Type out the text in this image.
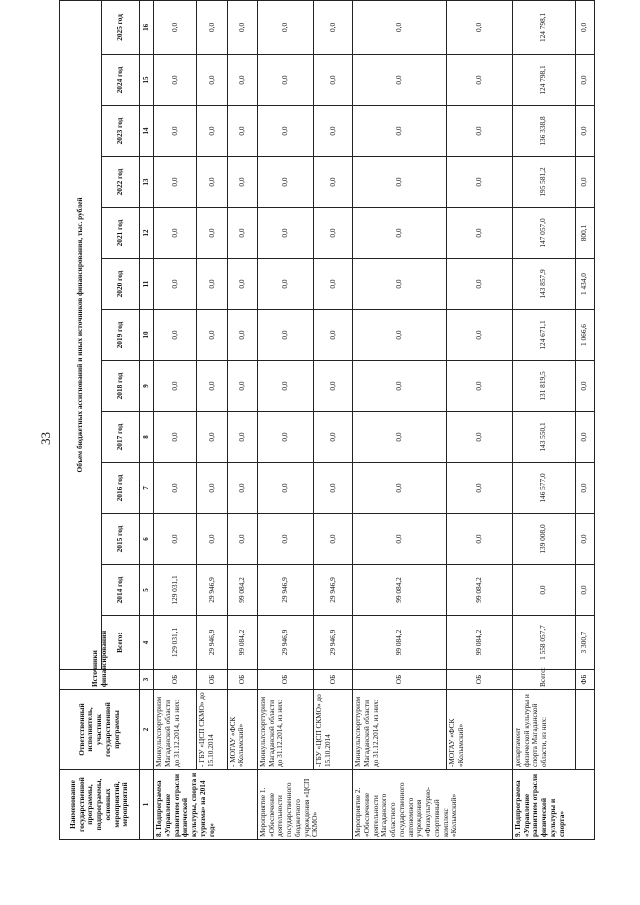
33
Наименование государственной программы, подпрограммы, основных мероприятий, мероприятий	Ответственный исполнитель, участник государственной программы	Источники финансирования	Объем бюджетных ассигнований и иных источников финансирования, тыс. рублей												
			Всего:	2014 год	2015 год	2016 год	2017 год	2018 год	2019 год	2020 год	2021 год	2022 год	2023 год	2024 год	2025 год
1	2	3	4	5	6	7	8	9	10	11	12	13	14	15	16
8. Подпрограмма «Управление развитием отрасли физической культуры, спорта и туризма» на 2014 год»	Минкультспорттуризм Магаданской области до 31.12.2014, из них:	ОБ	129 031,1	129 031,1	0,0	0,0	0,0	0,0	0,0	0,0	0,0	0,0	0,0	0,0	0,0
	- ГБУ «ЦСП СКМО» до 15.10.2014	ОБ	29 946,9	29 946,9	0,0	0,0	0,0	0,0	0,0	0,0	0,0	0,0	0,0	0,0	0,0
	- МОГАУ «ФСК «Колымский»	ОБ	99 084,2	99 084,2	0,0	0,0	0,0	0,0	0,0	0,0	0,0	0,0	0,0	0,0	0,0
Мероприятие 1. «Обеспечение деятельности государственного бюджетного учреждения «ЦСП СКМО»	Минкультспорттуризм Магаданской области до 31.12.2014, из них:	ОБ	29 946,9	29 946,9	0,0	0,0	0,0	0,0	0,0	0,0	0,0	0,0	0,0	0,0	0,0
	-ГБУ «ЦСП СКМО» до 15.10.2014	ОБ	29 946,9	29 946,9	0,0	0,0	0,0	0,0	0,0	0,0	0,0	0,0	0,0	0,0	0,0
Мероприятие 2. «Обеспечение деятельности Магаданского областного государственного автономного учреждения «Физкультурно-спортивный комплекс «Колымский»	Минкультспорттуризм Магаданской области до 31.12.2014, из них:	ОБ	99 084,2	99 084,2	0,0	0,0	0,0	0,0	0,0	0,0	0,0	0,0	0,0	0,0	0,0
	-МОГАУ «ФСК «Колымский»	ОБ	99 084,2	99 084,2	0,0	0,0	0,0	0,0	0,0	0,0	0,0	0,0	0,0	0,0	0,0
9. Подпрограмма «Управление развитием отрасли физической культуры и спорта»	департамент физической культуры и спорта Магаданской области, из них:	Всего:	1 558 057,7	0,0	139 008,0	146 577,0	143 550,1	131 819,5	124 671,1	143 857,9	147 057,0	195 581,2	136 338,8	124 798,1	124 798,1
		ФБ	3 300,7	0,0	0,0	0,0	0,0	0,0	1 066,6	1 434,0	800,1	0,0	0,0	0,0	0,0
